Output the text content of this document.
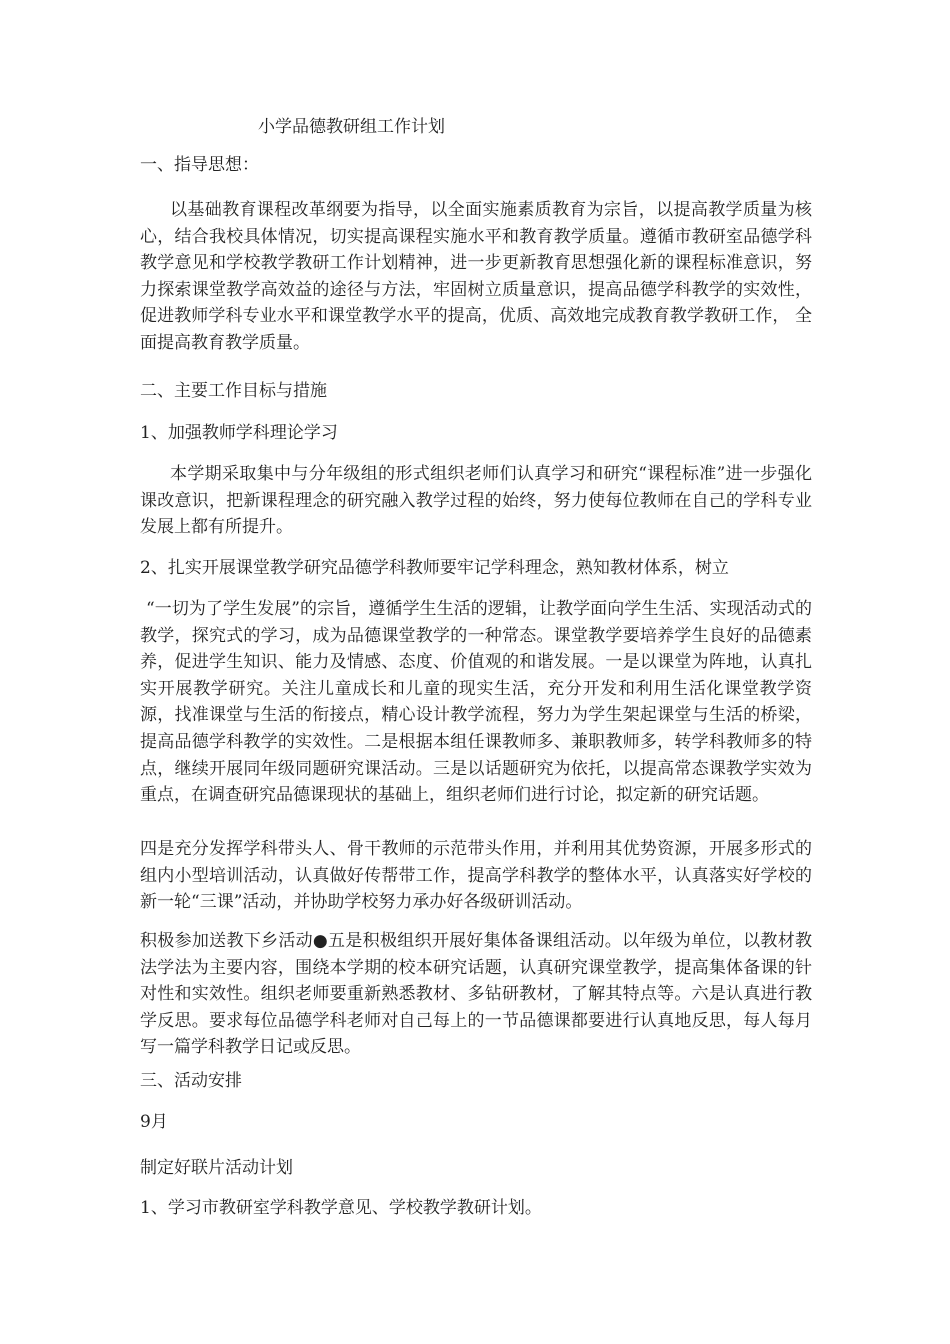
小学品德教研组工作计划
一、指导思想：

以基础教育课程改革纲要为指导，以全面实施素质教育为宗旨，以提高教学质量为核心，结合我校具体情况，切实提高课程实施水平和教育教学质量。遵循市教研室品德学科教学意见和学校教学教研工作计划精神，进一步更新教育思想强化新的课程标准意识，努力探索课堂教学高效益的途径与方法，牢固树立质量意识，提高品德学科教学的实效性，促进教师学科专业水平和课堂教学水平的提高，优质、高效地完成教育教学教研工作， 全面提高教育教学质量。

二、主要工作目标与措施
1、加强教师学科理论学习

本学期采取集中与分年级组的形式组织老师们认真学习和研究“课程标准”进一步强化课改意识，把新课程理念的研究融入教学过程的始终，努力使每位教师在自己的学科专业发展上都有所提升。

2、扎实开展课堂教学研究品德学科教师要牢记学科理念，熟知教材体系，树立

“一切为了学生发展”的宗旨，遵循学生生活的逻辑，让教学面向学生生活、实现活动式的教学，探究式的学习，成为品德课堂教学的一种常态。课堂教学要培养学生良好的品德素养，促进学生知识、能力及情感、态度、价值观的和谐发展。一是以课堂为阵地，认真扎实开展教学研究。关注儿童成长和儿童的现实生活，充分开发和利用生活化课堂教学资源，找准课堂与生活的衔接点，精心设计教学流程，努力为学生架起课堂与生活的桥梁，提高品德学科教学的实效性。二是根据本组任课教师多、兼职教师多，转学科教师多的特点，继续开展同年级同题研究课活动。三是以话题研究为依托，以提高常态课教学实效为重点，在调查研究品德课现状的基础上，组织老师们进行讨论，拟定新的研究话题。

四是充分发挥学科带头人、骨干教师的示范带头作用，并利用其优势资源，开展多形式的组内小型培训活动，认真做好传帮带工作，提高学科教学的整体水平，认真落实好学校的新一轮“三课”活动，并协助学校努力承办好各级研训活动。

积极参加送教下乡活动●五是积极组织开展好集体备课组活动。以年级为单位，以教材教法学法为主要内容，围绕本学期的校本研究话题，认真研究课堂教学，提高集体备课的针对性和实效性。组织老师要重新熟悉教材、多钻研教材，了解其特点等。六是认真进行教学反思。要求每位品德学科老师对自己每上的一节品德课都要进行认真地反思，每人每月写一篇学科教学日记或反思。

三、活动安排
9月
制定好联片活动计划
1、学习市教研室学科教学意见、学校教学教研计划。
